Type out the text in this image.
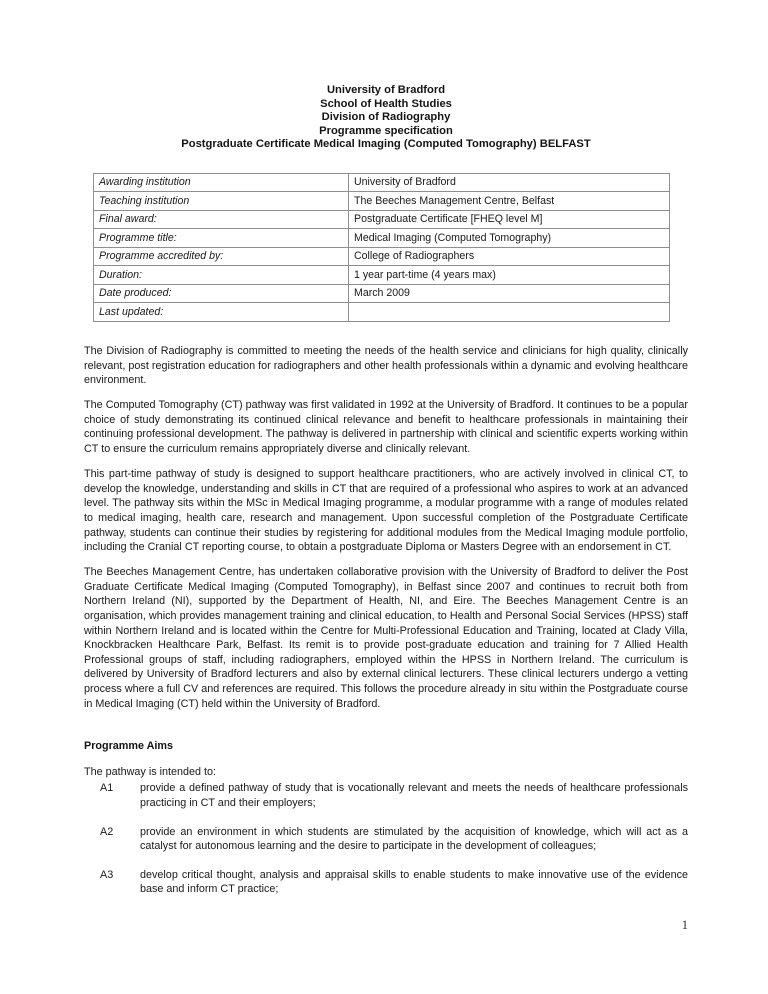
University of Bradford
School of Health Studies
Division of Radiography
Programme specification
Postgraduate Certificate Medical Imaging (Computed Tomography) BELFAST
Awarding institution	University of Bradford
Teaching institution	The Beeches Management Centre, Belfast
Final award:	Postgraduate Certificate [FHEQ level M]
Programme title:	Medical Imaging (Computed Tomography)
Programme accredited by:	College of Radiographers
Duration:	1 year part-time (4 years max)
Date produced:	March 2009
Last updated:	

The Division of Radiography is committed to meeting the needs of the health service and clinicians for high quality, clinically relevant, post registration education for radiographers and other health professionals within a dynamic and evolving healthcare environment.

The Computed Tomography (CT) pathway was first validated in 1992 at the University of Bradford. It continues to be a popular choice of study demonstrating its continued clinical relevance and benefit to healthcare professionals in maintaining their continuing professional development. The pathway is delivered in partnership with clinical and scientific experts working within CT to ensure the curriculum remains appropriately diverse and clinically relevant.

This part-time pathway of study is designed to support healthcare practitioners, who are actively involved in clinical CT, to develop the knowledge, understanding and skills in CT that are required of a professional who aspires to work at an advanced level. The pathway sits within the MSc in Medical Imaging programme, a modular programme with a range of modules related to medical imaging, health care, research and management. Upon successful completion of the Postgraduate Certificate pathway, students can continue their studies by registering for additional modules from the Medical Imaging module portfolio, including the Cranial CT reporting course, to obtain a postgraduate Diploma or Masters Degree with an endorsement in CT.

The Beeches Management Centre, has undertaken collaborative provision with the University of Bradford to deliver the Post Graduate Certificate Medical Imaging (Computed Tomography), in Belfast since 2007 and continues to recruit both from Northern Ireland (NI), supported by the Department of Health, NI, and Eire. The Beeches Management Centre is an organisation, which provides management training and clinical education, to Health and Personal Social Services (HPSS) staff within Northern Ireland and is located within the Centre for Multi-Professional Education and Training, located at Clady Villa, Knockbracken Healthcare Park, Belfast. Its remit is to provide post-graduate education and training for 7 Allied Health Professional groups of staff, including radiographers, employed within the HPSS in Northern Ireland. The curriculum is delivered by University of Bradford lecturers and also by external clinical lecturers. These clinical lecturers undergo a vetting process where a full CV and references are required. This follows the procedure already in situ within the Postgraduate course in Medical Imaging (CT) held within the University of Bradford.

Programme Aims

The pathway is intended to:

A1	provide a defined pathway of study that is vocationally relevant and meets the needs of healthcare professionals practicing in CT and their employers;
A2	provide an environment in which students are stimulated by the acquisition of knowledge, which will act as a catalyst for autonomous learning and the desire to participate in the development of colleagues;
A3	develop critical thought, analysis and appraisal skills to enable students to make innovative use of the evidence base and inform CT practice;
1
